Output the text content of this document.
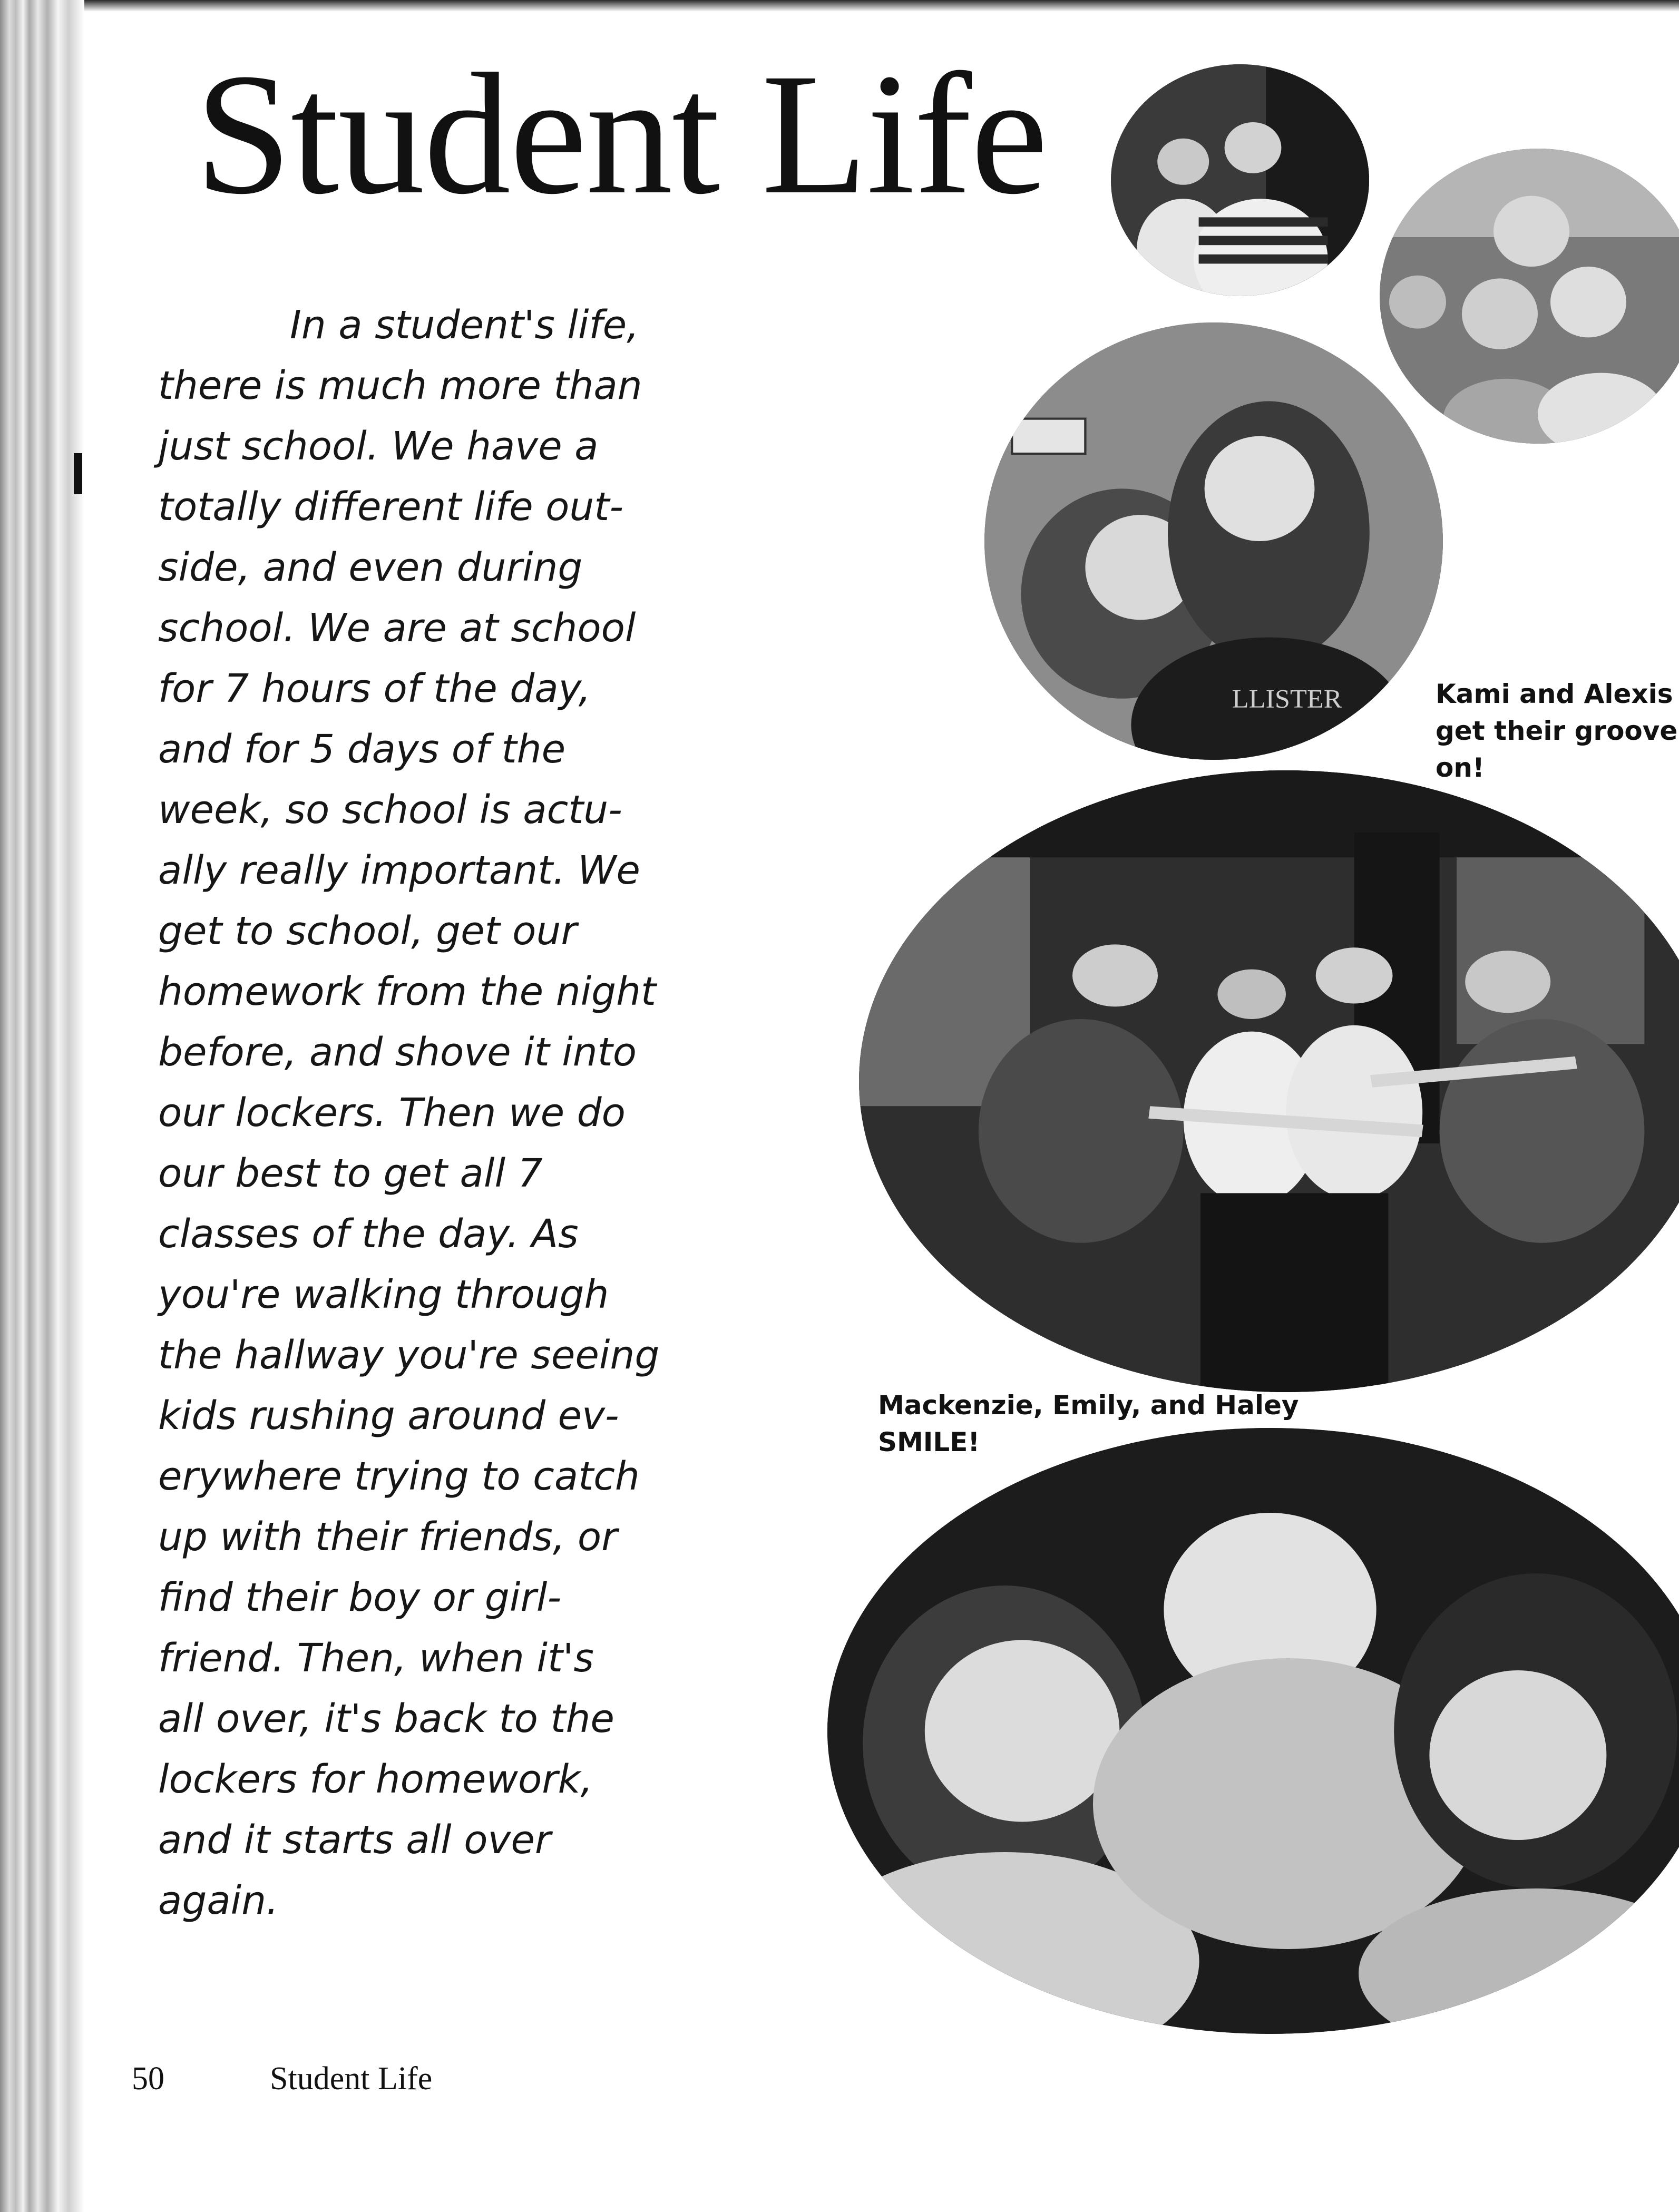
Student Life
In a student's life,
there is much more than
just school. We have a
totally different life out-
side, and even during
school. We are at school
for 7 hours of the day,
and for 5 days of the
week, so school is actu-
ally really important. We
get to school, get our
homework from the night
before, and shove it into
our lockers. Then we do
our best to get all 7
classes of the day. As
you're walking through
the hallway you're seeing
kids rushing around ev-
erywhere trying to catch
up with their friends, or
find their boy or girl-
friend. Then, when it's
all over, it's back to the
lockers for homework,
and it starts all over
again.
LLISTER	Kami and Alexis
get their groove
on!
Mackenzie, Emily, and Haley
SMILE!
50	Student Life
